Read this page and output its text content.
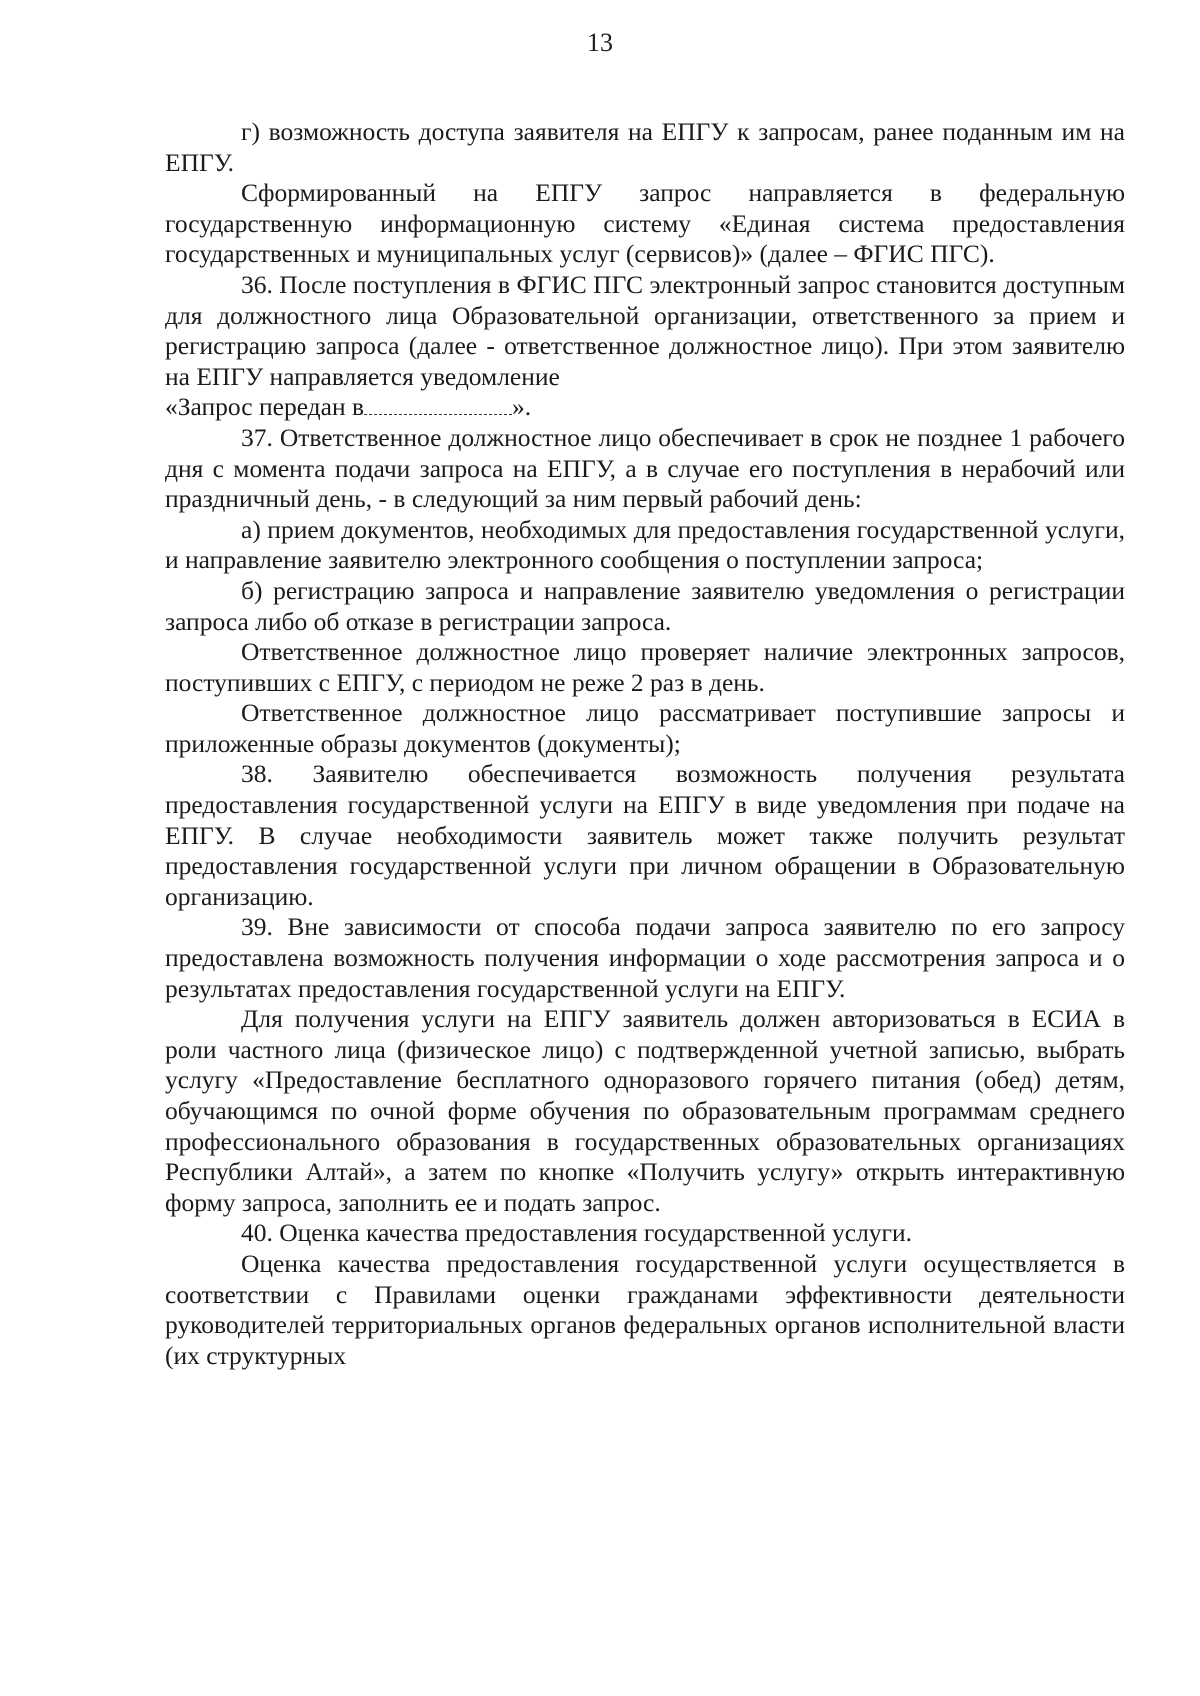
13

г) возможность доступа заявителя на ЕПГУ к запросам, ранее поданным им на ЕПГУ.

Сформированный на ЕПГУ запрос направляется в федеральную государственную информационную систему «Единая система предоставления государственных и муниципальных услуг (сервисов)» (далее – ФГИС ПГС).

36. После поступления в ФГИС ПГС электронный запрос становится доступным для должностного лица Образовательной организации, ответственного за прием и регистрацию запроса (далее - ответственное должностное лицо). При этом заявителю на ЕПГУ направляется уведомление

«Запрос передан в	».

37. Ответственное должностное лицо обеспечивает в срок не позднее 1 рабочего дня с момента подачи запроса на ЕПГУ, а в случае его поступления в нерабочий или праздничный день, - в следующий за ним первый рабочий день:

а) прием документов, необходимых для предоставления государственной услуги, и направление заявителю электронного сообщения о поступлении запроса;

б) регистрацию запроса и направление заявителю уведомления о регистрации запроса либо об отказе в регистрации запроса.

Ответственное должностное лицо проверяет наличие электронных запросов, поступивших с ЕПГУ, с периодом не реже 2 раз в день.

Ответственное должностное лицо рассматривает поступившие запросы и приложенные образы документов (документы);

38. Заявителю обеспечивается возможность получения результата предоставления государственной услуги на ЕПГУ в виде уведомления при подаче на ЕПГУ. В случае необходимости заявитель может также получить результат предоставления государственной услуги при личном обращении в Образовательную организацию.

39. Вне зависимости от способа подачи запроса заявителю по его запросу предоставлена возможность получения информации о ходе рассмотрения запроса и о результатах предоставления государственной услуги на ЕПГУ.

Для получения услуги на ЕПГУ заявитель должен авторизоваться в ЕСИА в роли частного лица (физическое лицо) с подтвержденной учетной записью, выбрать услугу «Предоставление бесплатного одноразового горячего питания (обед) детям, обучающимся по очной форме обучения по образовательным программам среднего профессионального образования в государственных образовательных организациях Республики Алтай», а затем по кнопке «Получить услугу» открыть интерактивную форму запроса, заполнить ее и подать запрос.

40. Оценка качества предоставления государственной услуги.

Оценка качества предоставления государственной услуги осуществляется в соответствии с Правилами оценки гражданами эффективности деятельности руководителей территориальных органов федеральных органов исполнительной власти (их структурных
